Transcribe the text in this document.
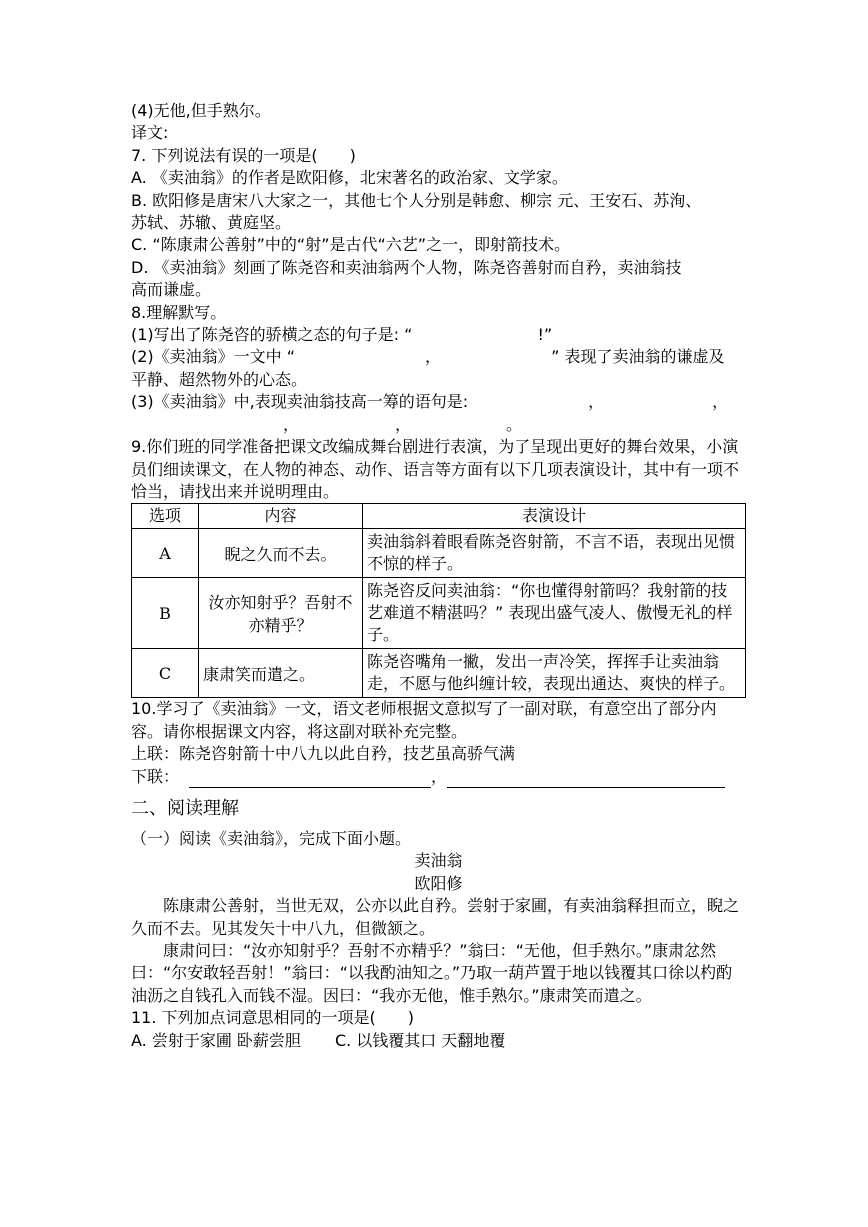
(4)无他,但手熟尔。
译文:
7. 下列说法有误的一项是(　　)
A. 《卖油翁》的作者是欧阳修，北宋著名的政治家、文学家。
B. 欧阳修是唐宋八大家之一，其他七个人分别是韩愈、柳宗 元、王安石、苏洵、
苏轼、苏辙、黄庭坚。
C. “陈康肃公善射”中的“射”是古代“六艺”之一，即射箭技术。
D. 《卖油翁》刻画了陈尧咨和卖油翁两个人物，陈尧咨善射而自矜，卖油翁技
高而谦虚。
8.理解默写。
(1)写出了陈尧咨的骄横之态的句子是: “	!”
(2)《卖油翁》一文中 “	，	” 表现了卖油翁的谦虚及
平静、超然物外的心态。
(3)《卖油翁》中,表现卖油翁技高一筹的语句是:	，	，
，	，	。
9.你们班的同学准备把课文改编成舞台剧进行表演，为了呈现出更好的舞台效果，小演员们细读课文，在人物的神态、动作、语言等方面有以下几项表演设计，其中有一项不恰当，请找出来并说明理由。
选项	内容	表演设计
A	睨之久而不去。	卖油翁斜着眼看陈尧咨射箭，不言不语，表现出见惯不惊的样子。
B	汝亦知射乎？吾射不亦精乎？	陈尧咨反问卖油翁：“你也懂得射箭吗？我射箭的技艺难道不精湛吗？” 表现出盛气凌人、傲慢无礼的样子。
C	康肃笑而遣之。	陈尧咨嘴角一撇，发出一声冷笑，挥挥手让卖油翁走，不愿与他纠缠计较，表现出通达、爽快的样子。
10.学习了《卖油翁》一文，语文老师根据文意拟写了一副对联，有意空出了部分内容。请你根据课文内容，将这副对联补充完整。
上联：陈尧咨射箭十中八九以此自矜，技艺虽高骄气满
下联：	，
二、阅读理解
（一）阅读《卖油翁》，完成下面小题。
卖油翁
欧阳修
陈康肃公善射，当世无双，公亦以此自矜。尝射于家圃，有卖油翁释担而立，睨之久而不去。见其发矢十中八九，但微颔之。
康肃问曰：“汝亦知射乎？吾射不亦精乎？”翁曰：“无他，但手熟尔。”康肃忿然曰：“尔安敢轻吾射！”翁曰：“以我酌油知之。”乃取一葫芦置于地以钱覆其口徐以杓酌油沥之自钱孔入而钱不湿。因曰：“我亦无他，惟手熟尔。”康肃笑而遣之。
11. 下列加点词意思相同的一项是(　　)
A. 尝射于家圃 卧薪尝胆 C. 以钱覆其口 天翻地覆
